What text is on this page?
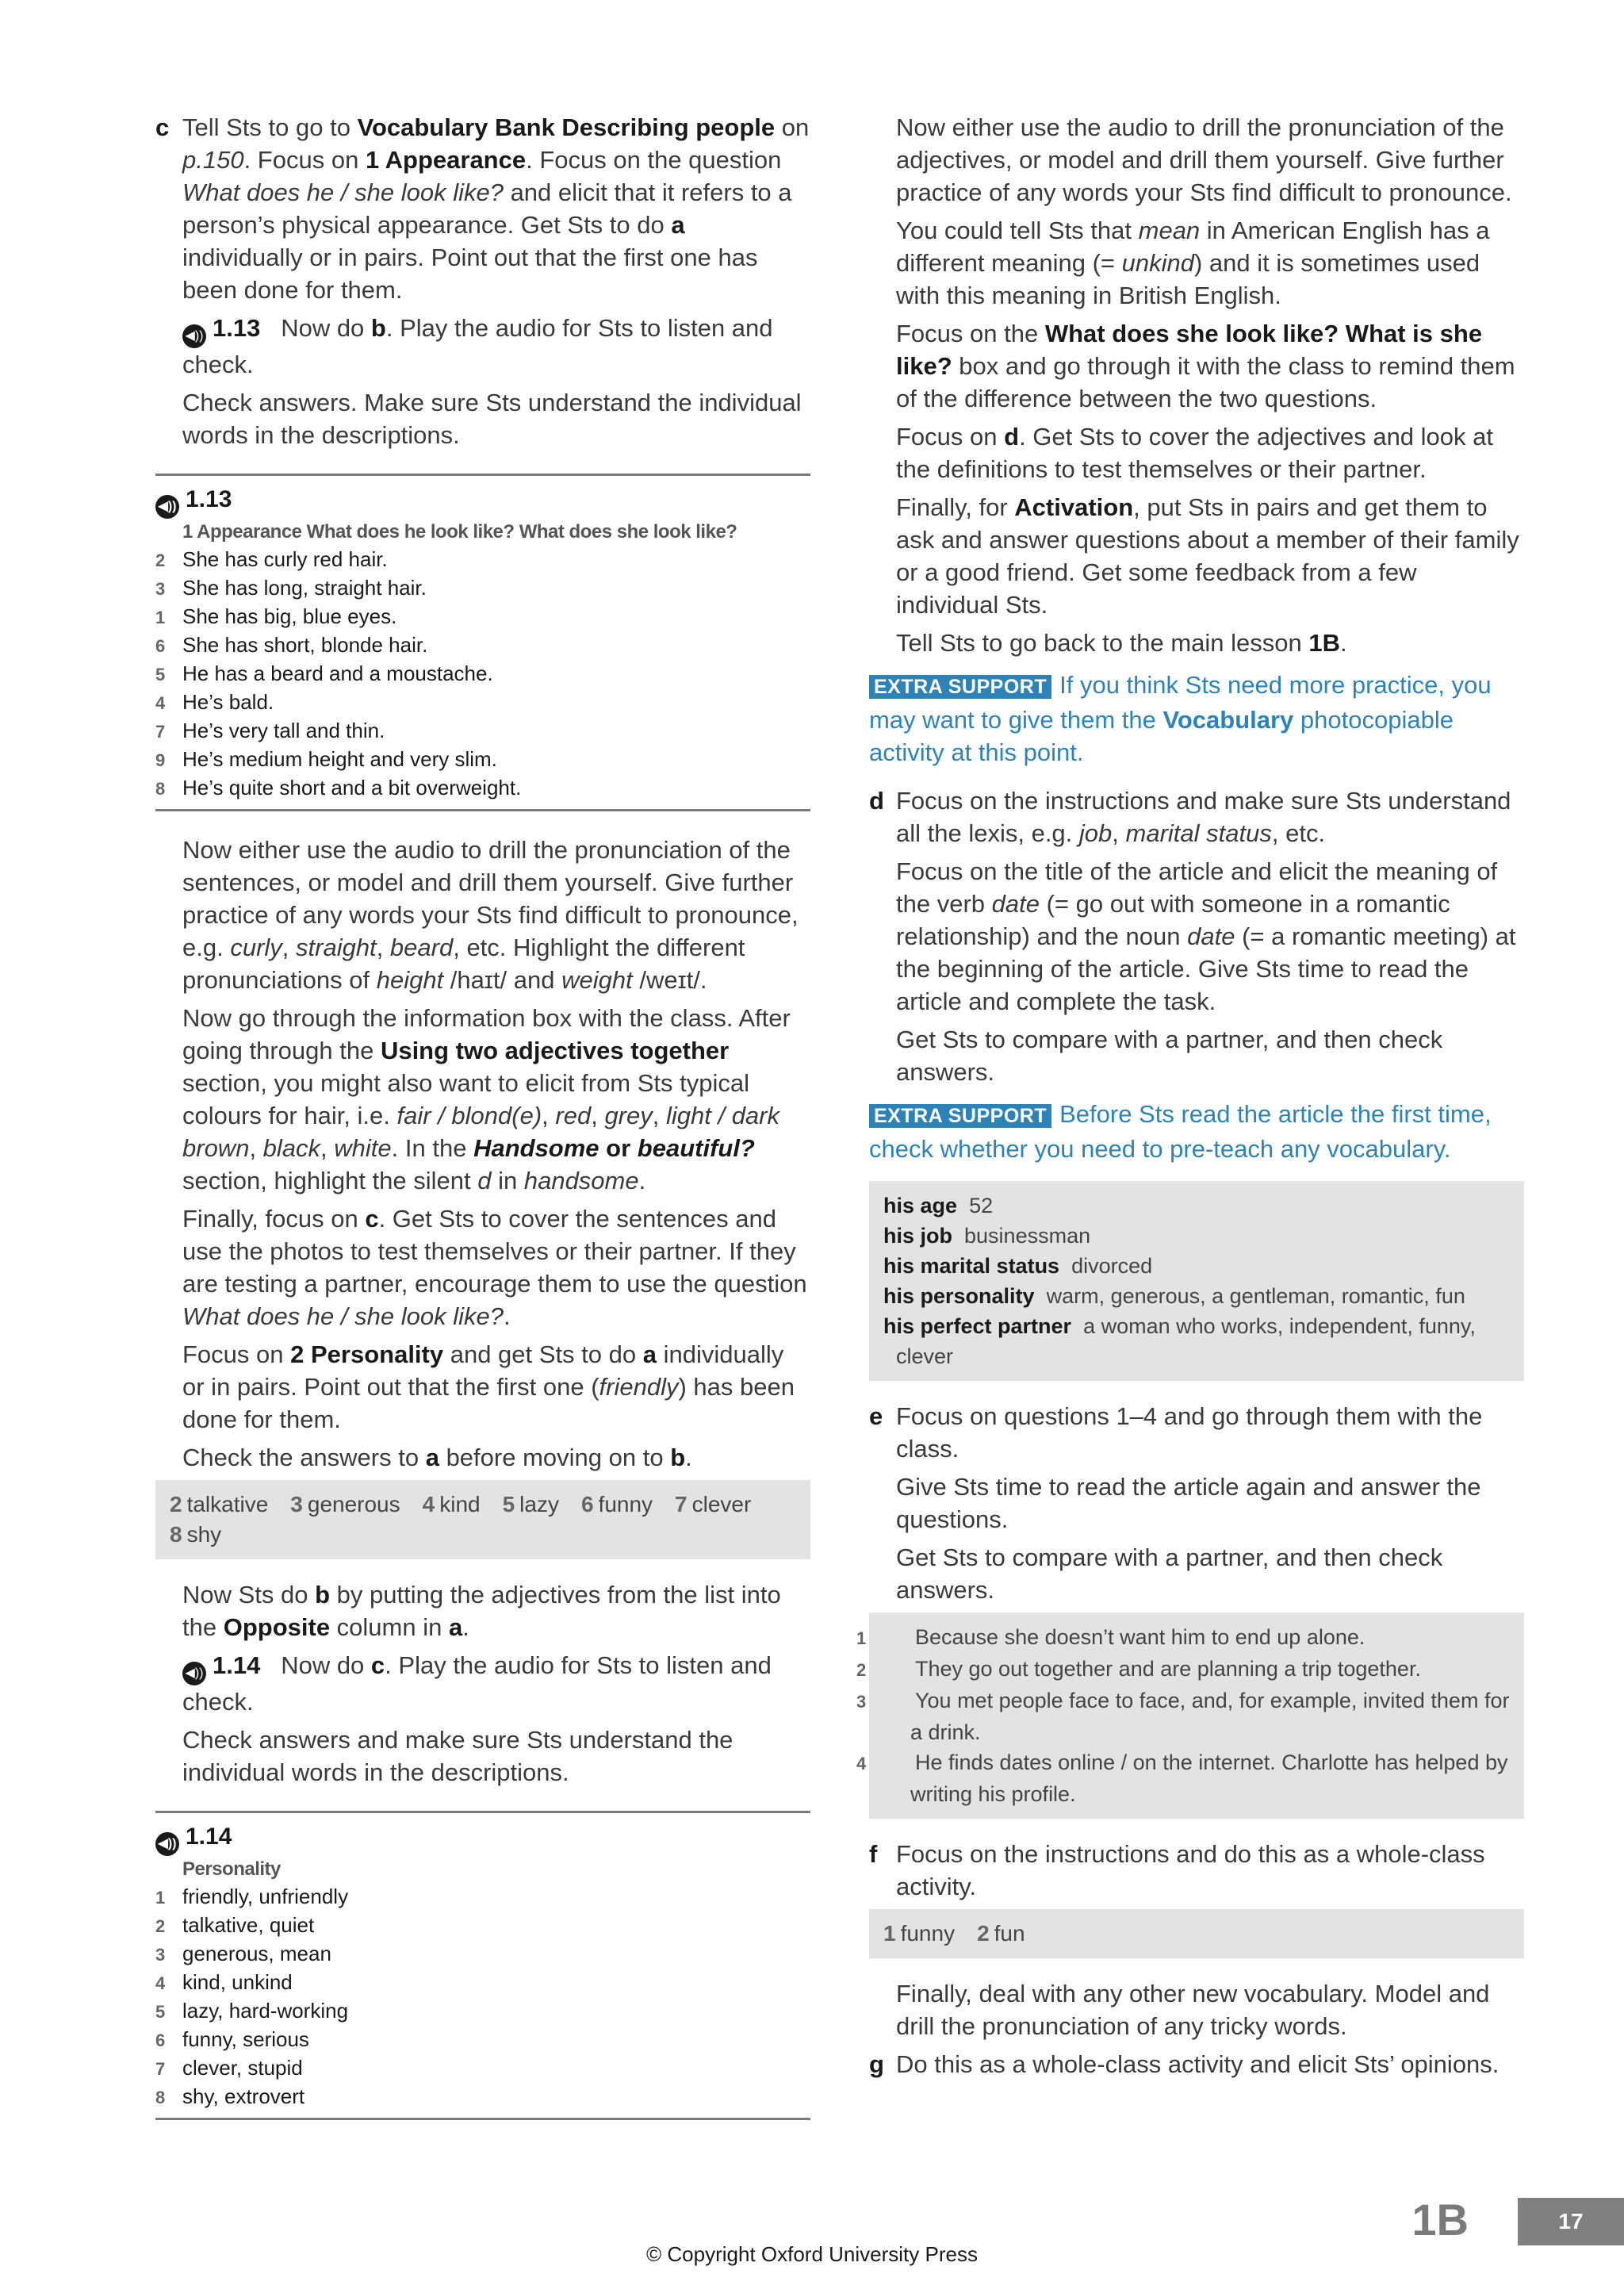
c Tell Sts to go to Vocabulary Bank Describing people on p.150. Focus on 1 Appearance. Focus on the question What does he / she look like? and elicit that it refers to a person’s physical appearance. Get Sts to do a individually or in pairs. Point out that the first one has been done for them.

◀)) 1.13 Now do b. Play the audio for Sts to listen and check.

Check answers. Make sure Sts understand the individual words in the descriptions.

◀)) 1.13
1 Appearance What does he look like? What does she look like?
2 She has curly red hair.
3 She has long, straight hair.
1 She has big, blue eyes.
6 She has short, blonde hair.
5 He has a beard and a moustache.
4 He’s bald.
7 He’s very tall and thin.
9 He’s medium height and very slim.
8 He’s quite short and a bit overweight.

Now either use the audio to drill the pronunciation of the sentences, or model and drill them yourself. Give further practice of any words your Sts find difficult to pronounce, e.g. curly, straight, beard, etc. Highlight the different pronunciations of height /haɪt/ and weight /weɪt/.

Now go through the information box with the class. After going through the Using two adjectives together section, you might also want to elicit from Sts typical colours for hair, i.e. fair / blond(e), red, grey, light / dark brown, black, white. In the Handsome or beautiful? section, highlight the silent d in handsome.

Finally, focus on c. Get Sts to cover the sentences and use the photos to test themselves or their partner. If they are testing a partner, encourage them to use the question What does he / she look like?.

Focus on 2 Personality and get Sts to do a individually or in pairs. Point out that the first one (friendly) has been done for them.

Check the answers to a before moving on to b.

2 talkative 3 generous 4 kind 5 lazy 6 funny 7 clever8 shy

Now Sts do b by putting the adjectives from the list into the Opposite column in a.

◀)) 1.14 Now do c. Play the audio for Sts to listen and check.

Check answers and make sure Sts understand the individual words in the descriptions.

◀)) 1.14
Personality
1 friendly, unfriendly
2 talkative, quiet
3 generous, mean
4 kind, unkind
5 lazy, hard-working
6 funny, serious
7 clever, stupid
8 shy, extrovert

Now either use the audio to drill the pronunciation of the adjectives, or model and drill them yourself. Give further practice of any words your Sts find difficult to pronounce.

You could tell Sts that mean in American English has a different meaning (= unkind) and it is sometimes used with this meaning in British English.

Focus on the What does she look like? What is she like? box and go through it with the class to remind them of the difference between the two questions.

Focus on d. Get Sts to cover the adjectives and look at the definitions to test themselves or their partner.

Finally, for Activation, put Sts in pairs and get them to ask and answer questions about a member of their family or a good friend. Get some feedback from a few individual Sts.

Tell Sts to go back to the main lesson 1B.

EXTRA SUPPORT If you think Sts need more practice, you may want to give them the Vocabulary photocopiable activity at this point.

d Focus on the instructions and make sure Sts understand all the lexis, e.g. job, marital status, etc.

Focus on the title of the article and elicit the meaning of the verb date (= go out with someone in a romantic relationship) and the noun date (= a romantic meeting) at the beginning of the article. Give Sts time to read the article and complete the task.

Get Sts to compare with a partner, and then check answers.

EXTRA SUPPORT Before Sts read the article the first time, check whether you need to pre-teach any vocabulary.

his age 52
his job businessman
his marital status divorced
his personality warm, generous, a gentleman, romantic, fun
his perfect partner a woman who works, independent, funny, clever
e Focus on questions 1–4 and go through them with the class.

Give Sts time to read the article again and answer the questions.

Get Sts to compare with a partner, and then check answers.

1 Because she doesn’t want him to end up alone.
2 They go out together and are planning a trip together.
3 You met people face to face, and, for example, invited them for a drink.
4 He finds dates online / on the internet. Charlotte has helped by writing his profile.
f Focus on the instructions and do this as a whole-class activity.

1 funny 2 fun

Finally, deal with any other new vocabulary. Model and drill the pronunciation of any tricky words.

g Do this as a whole-class activity and elicit Sts’ opinions.

1B	17
© Copyright Oxford University Press
